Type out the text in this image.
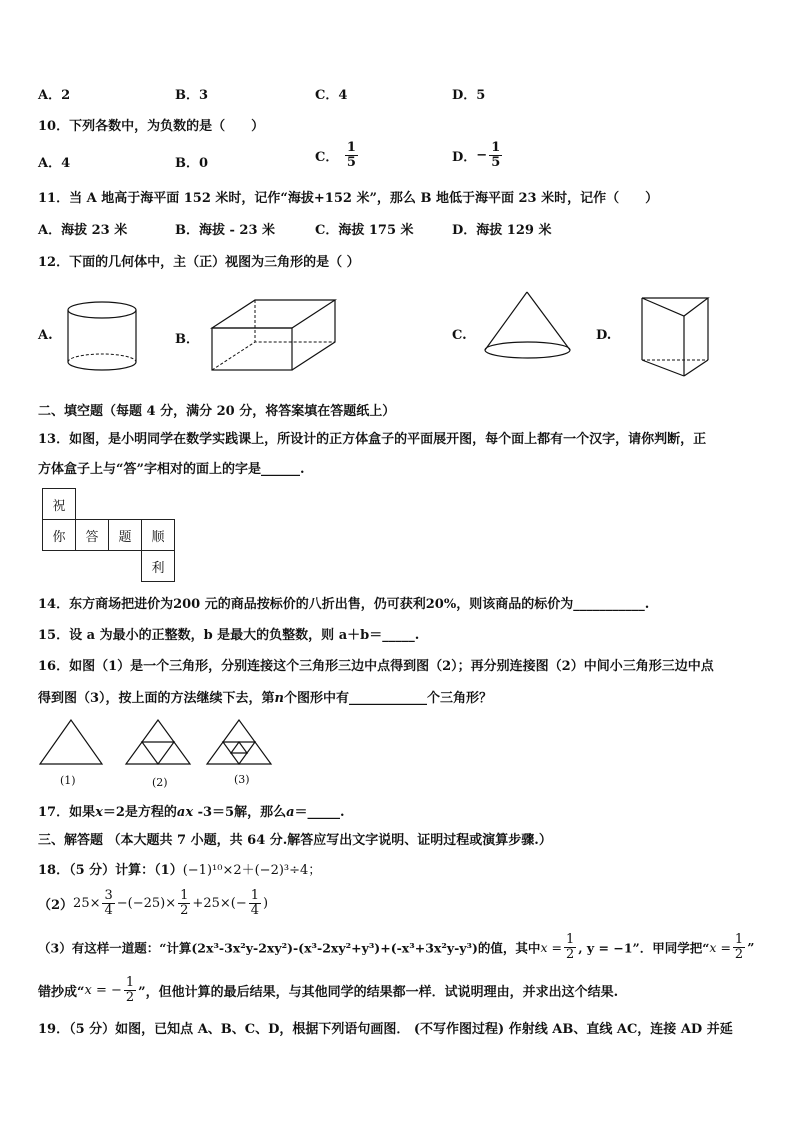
A．2	B．3	C．4	D．5
10．下列各数中，为负数的是（　　）
A．4	B．0	C． $\frac{1}{5}$	D．− $\frac{1}{5}$
11．当 A 地高于海平面 152 米时，记作“海拔+152 米”，那么 B 地低于海平面 23 米时，记作（　　）
A．海拔 23 米	B．海拔 - 23 米	C．海拔 175 米	D．海拔 129 米
12．下面的几何体中，主（正）视图为三角形的是（ ）
A.	B．	C.	D.
二、填空题（每题 4 分，满分 20 分，将答案填在答题纸上）
13．如图，是小明同学在数学实践课上，所设计的正方体盒子的平面展开图，每个面上都有一个汉字，请你判断，正
方体盒子上与“答”字相对的面上的字是______.
祝			
你	答	题	顺
			利
14．东方商场把进价为200 元的商品按标价的八折出售，仍可获利20%，则该商品的标价为___________.
15．设 a 为最小的正整数，b 是最大的负整数，则 a＋b＝_____.
16．如图（1）是一个三角形，分别连接这个三角形三边中点得到图（2）；再分别连接图（2）中间小三角形三边中点
得到图（3），按上面的方法继续下去，第n个图形中有____________个三角形？
(1)	(2)	(3)
17．如果x＝2是方程的ax -3＝5解，那么a＝_____.
三、解答题 （本大题共 7 小题，共 64 分.解答应写出文字说明、证明过程或演算步骤.）
18．（5 分）计算：（1）(−1)¹⁰×2＋(−2)³÷4；
$(2)25\times \frac{3}{4} -(-25)\times \frac{1}{2} +25\times(- \frac{1}{4}$ )
（3）有这样一道题：“计算(2x³-3x²y-2xy²)-(x³-2xy²+y³)+(-x³+3x²y-y³)的值，其中$x = \frac{1}{2}$ , y = −1”．甲同学把“$x = \frac{1}{2}$ ”
错抄成“x = − $\frac{1}{2}$ ”，但他计算的最后结果，与其他同学的结果都一样．试说明理由，并求出这个结果.
19．（5 分）如图，已知点 A、B、C、D，根据下列语句画图． (不写作图过程) 作射线 AB、直线 AC，连接 AD 并延
